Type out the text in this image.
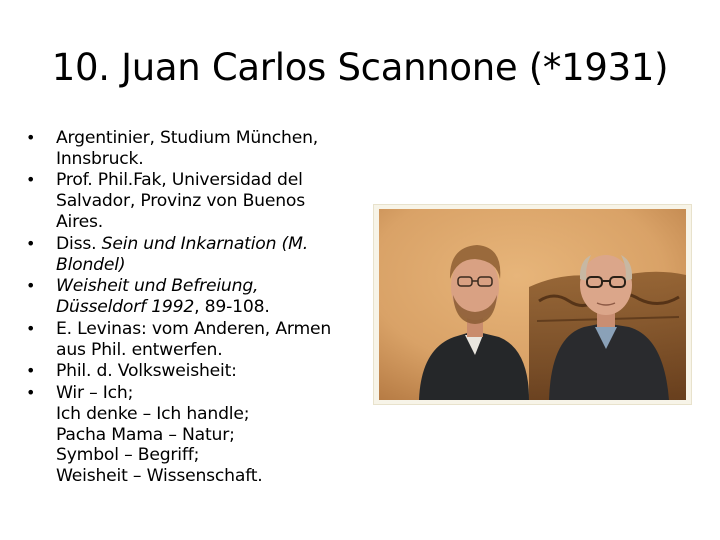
10. Juan Carlos Scannone (*1931)
•	Argentinier, Studium München,
Innsbruck.
•	Prof. Phil.Fak, Universidad del
Salvador, Provinz von Buenos
Aires.
•	Diss. Sein und Inkarnation (M.
Blondel)
•	Weisheit und Befreiung,
Düsseldorf 1992, 89-108.
•	E. Levinas: vom Anderen, Armen
aus Phil. entwerfen.
•	Phil. d. Volksweisheit:
•	Wir – Ich;
Ich denke – Ich handle;
Pacha Mama – Natur;
Symbol – Begriff;
Weisheit – Wissenschaft.
